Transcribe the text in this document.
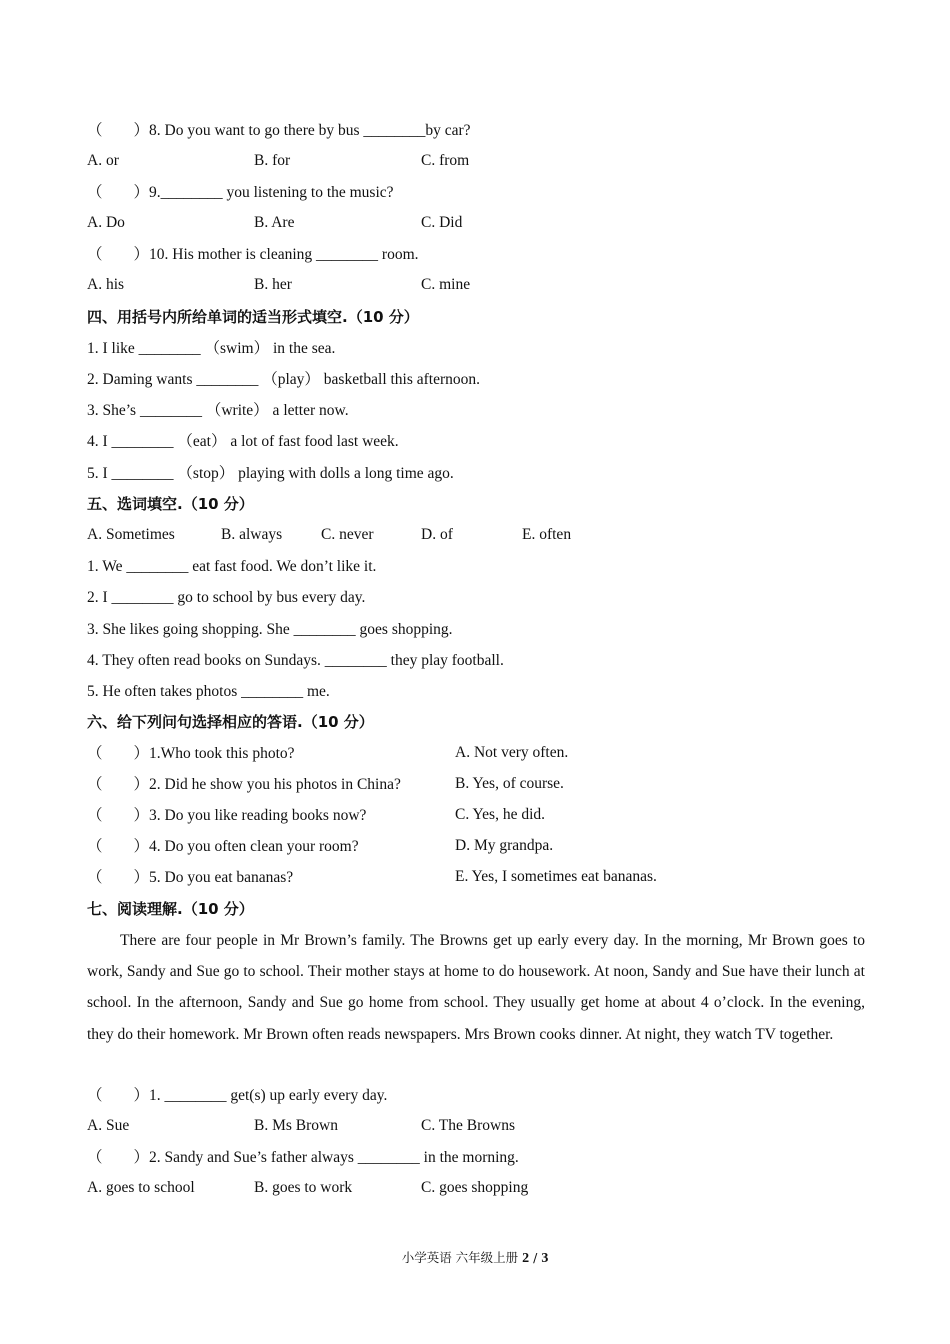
（　　）8. Do you want to go there by bus ________by car?
A. or	B. for	C. from
（　　）9.________ you listening to the music?
A. Do	B. Are	C. Did
（　　）10. His mother is cleaning ________ room.
A. his	B. her	C. mine
四、用括号内所给单词的适当形式填空.（10 分）
1. I like ________ （swim） in the sea.
2. Daming wants ________ （play） basketball this afternoon.
3. She’s ________ （write） a letter now.
4. I ________ （eat） a lot of fast food last week.
5. I ________ （stop） playing with dolls a long time ago.
五、选词填空.（10 分）
A. Sometimes	B. always	C. never	D. of	E. often
1. We ________ eat fast food. We don’t like it.
2. I ________ go to school by bus every day.
3. She likes going shopping. She ________ goes shopping.
4. They often read books on Sundays. ________ they play football.
5. He often takes photos ________ me.
六、给下列问句选择相应的答语.（10 分）
（　　）1.Who took this photo?	A. Not very often.
（　　）2. Did he show you his photos in China?	B. Yes, of course.
（　　）3. Do you like reading books now?	C. Yes, he did.
（　　）4. Do you often clean your room?	D. My grandpa.
（　　）5. Do you eat bananas?	E. Yes, I sometimes eat bananas.
七、阅读理解.（10 分）
There are four people in Mr Brown’s family. The Browns get up early every day. In the morning, Mr Brown goes to work, Sandy and Sue go to school. Their mother stays at home to do housework. At noon, Sandy and Sue have their lunch at school. In the afternoon, Sandy and Sue go home from school. They usually get home at about 4 o’clock. In the evening, they do their homework. Mr Brown often reads newspapers. Mrs Brown cooks dinner. At night, they watch TV together.
（　　）1. ________ get(s) up early every day.
A. Sue	B. Ms Brown	C. The Browns
（　　）2. Sandy and Sue’s father always ________ in the morning.
A. goes to school	B. goes to work	C. goes shopping
小学英语 六年级上册 2 / 3
